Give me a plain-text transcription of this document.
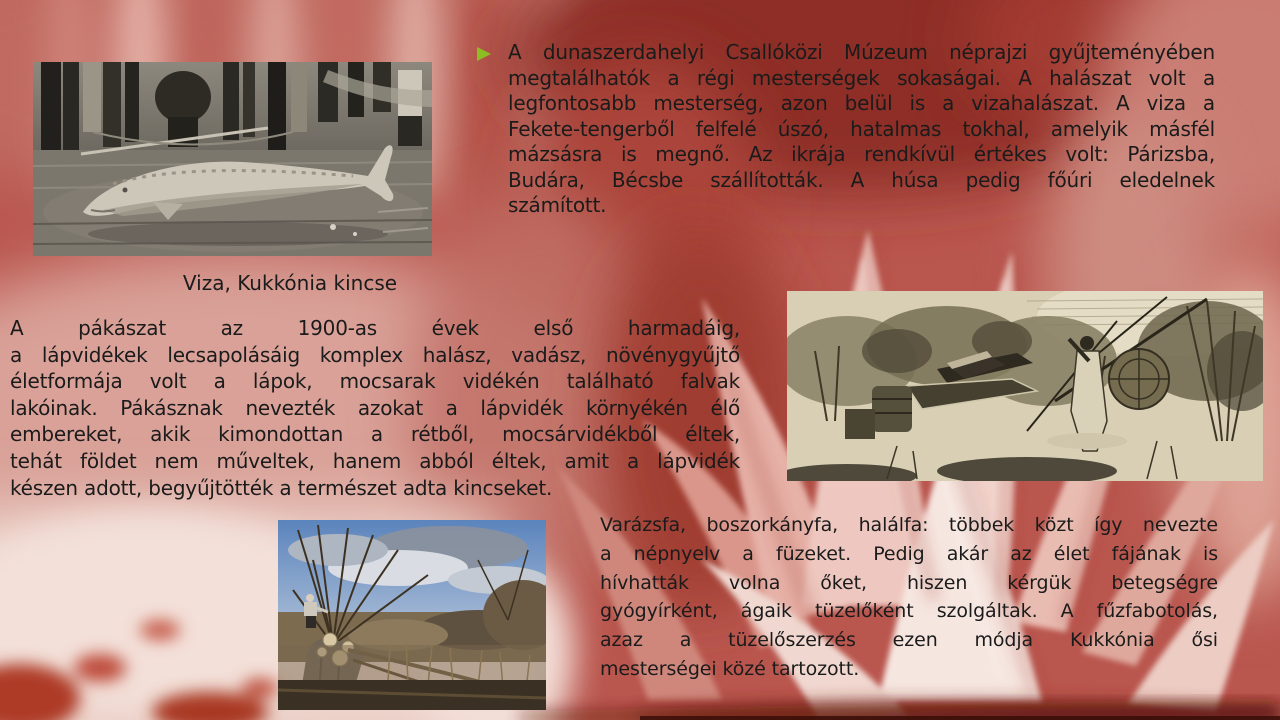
Viza, Kukkónia kincse
A dunaszerdahelyi Csallóközi Múzeum néprajzi gyűjteményében
megtalálhatók a régi mesterségek sokaságai. A halászat volt a
legfontosabb mesterség, azon belül is a vizahalászat. A viza a
Fekete-tengerből felfelé úszó, hatalmas tokhal, amelyik másfél
mázsásra is megnő. Az ikrája rendkívül értékes volt: Párizsba,
Budára, Bécsbe szállították. A húsa pedig főúri eledelnek
számított.
A pákászat az 1900-as évek első harmadáig,
a lápvidékek lecsapolásáig komplex halász, vadász, növénygyűjtő
életformája volt a lápok, mocsarak vidékén található falvak
lakóinak. Pákásznak nevezték azokat a lápvidék környékén élő
embereket, akik kimondottan a rétből, mocsárvidékből éltek,
tehát földet nem műveltek, hanem abból éltek, amit a lápvidék
készen adott, begyűjtötték a természet adta kincseket.
Varázsfa, boszorkányfa, halálfa: többek közt így nevezte
a népnyelv a füzeket. Pedig akár az élet fájának is
hívhatták volna őket, hiszen kérgük betegségre
gyógyírként, ágaik tüzelőként szolgáltak. A fűzfabotolás,
azaz a tüzelőszerzés ezen módja Kukkónia ősi
mesterségei közé tartozott.
